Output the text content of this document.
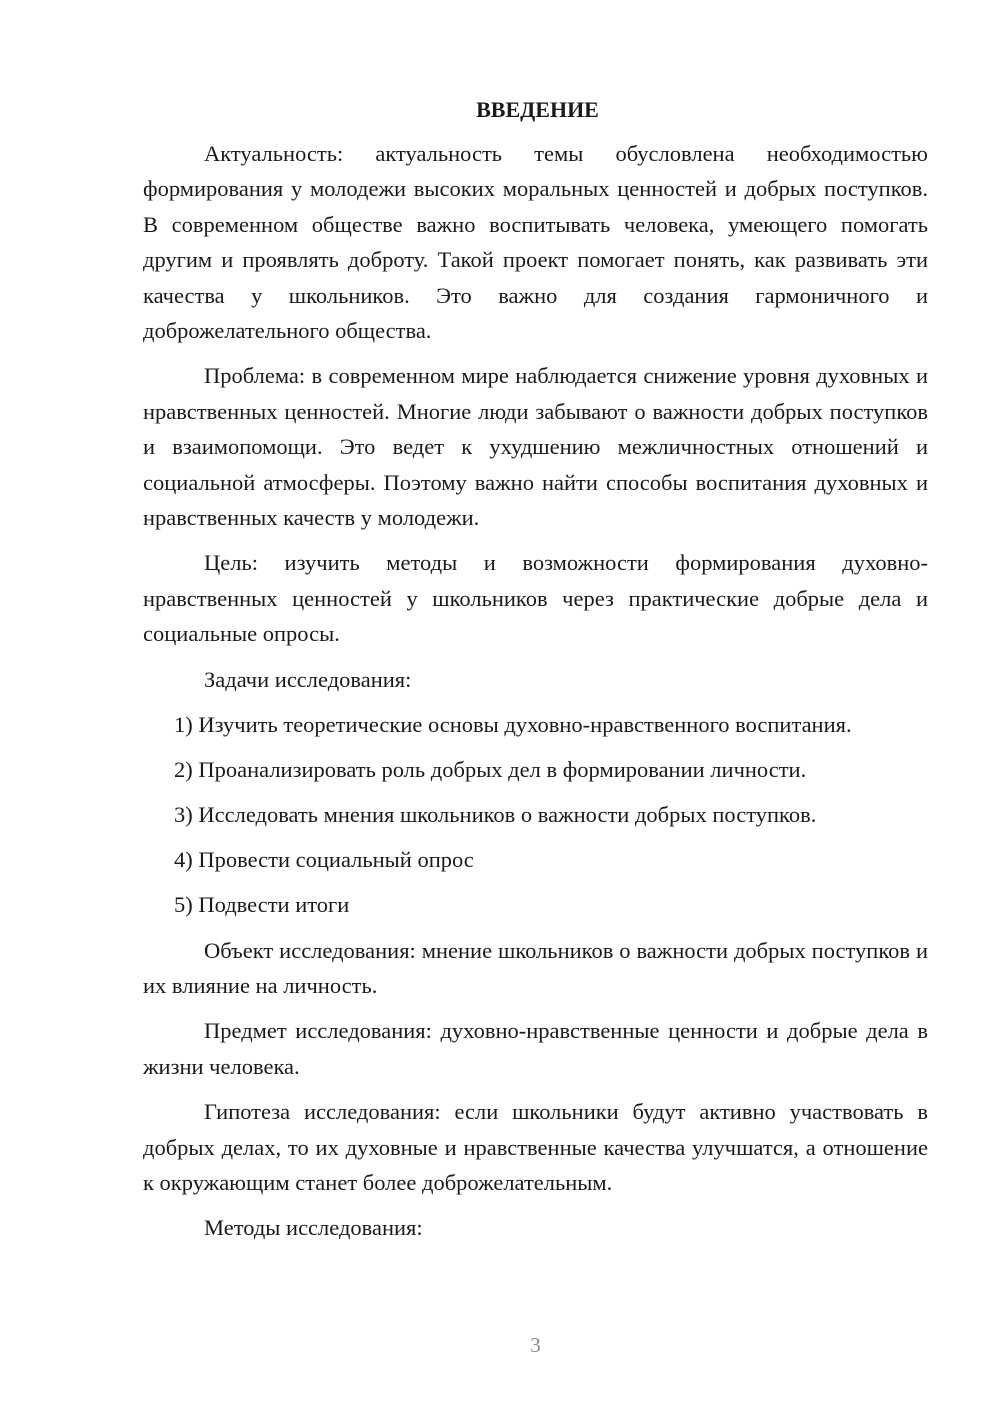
ВВЕДЕНИЕ

Актуальность: актуальность темы обусловлена необходимостью формирования у молодежи высоких моральных ценностей и добрых поступков. В современном обществе важно воспитывать человека, умеющего помогать другим и проявлять доброту. Такой проект помогает понять, как развивать эти качества у школьников. Это важно для создания гармоничного и доброжелательного общества.

Проблема: в современном мире наблюдается снижение уровня духовных и нравственных ценностей. Многие люди забывают о важности добрых поступков и взаимопомощи. Это ведет к ухудшению межличностных отношений и социальной атмосферы. Поэтому важно найти способы воспитания духовных и нравственных качеств у молодежи.

Цель: изучить методы и возможности формирования духовно-нравственных ценностей у школьников через практические добрые дела и социальные опросы.

Задачи исследования:

1) Изучить теоретические основы духовно-нравственного воспитания.
2) Проанализировать роль добрых дел в формировании личности.
3) Исследовать мнения школьников о важности добрых поступков.
4) Провести социальный опрос
5) Подвести итоги

Объект исследования: мнение школьников о важности добрых поступков и их влияние на личность.

Предмет исследования: духовно-нравственные ценности и добрые дела в жизни человека.

Гипотеза исследования: если школьники будут активно участвовать в добрых делах, то их духовные и нравственные качества улучшатся, а отношение к окружающим станет более доброжелательным.

Методы исследования:

3
